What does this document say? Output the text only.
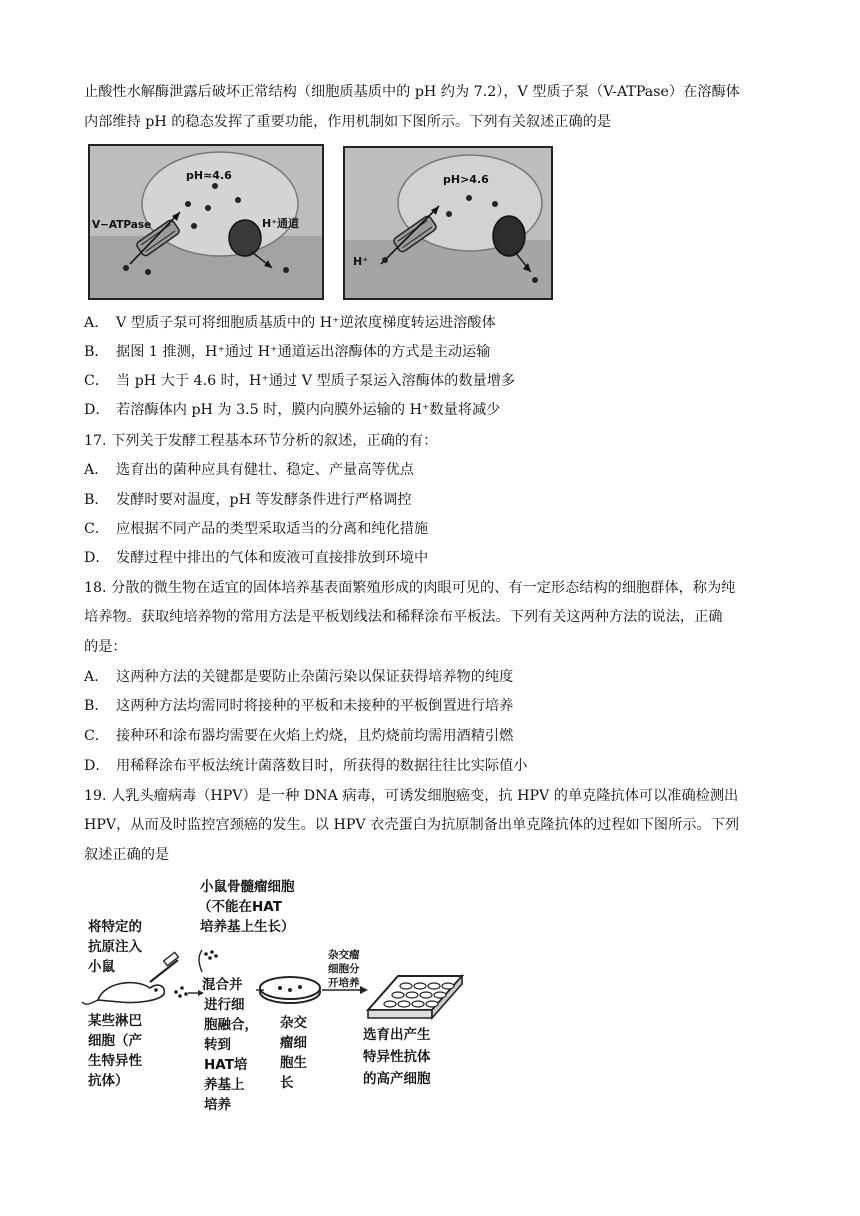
止酸性水解酶泄露后破坏正常结构（细胞质基质中的 pH 约为 7.2），V 型质子泵（V-ATPase）在溶酶体
内部维持 pH 的稳态发挥了重要功能，作用机制如下图所示。下列有关叙述正确的是
pH≈4.6
V−ATPase	H⁺通道
pH>4.6
H⁺
A． V 型质子泵可将细胞质基质中的 H⁺逆浓度梯度转运进溶酸体
B． 据图 1 推测，H⁺通过 H⁺通道运出溶酶体的方式是主动运输
C． 当 pH 大于 4.6 时，H⁺通过 V 型质子泵运入溶酶体的数量增多
D． 若溶酶体内 pH 为 3.5 时，膜内向膜外运输的 H⁺数量将减少
17. 下列关于发酵工程基本环节分析的叙述，正确的有：
A． 选育出的菌种应具有健壮、稳定、产量高等优点
B． 发酵时要对温度，pH 等发酵条件进行严格调控
C． 应根据不同产品的类型采取适当的分离和纯化措施
D． 发酵过程中排出的气体和废液可直接排放到环境中
18. 分散的微生物在适宜的固体培养基表面繁殖形成的肉眼可见的、有一定形态结构的细胞群体，称为纯
培养物。获取纯培养物的常用方法是平板划线法和稀释涂布平板法。下列有关这两种方法的说法，正确
的是：
A． 这两种方法的关键都是要防止杂菌污染以保证获得培养物的纯度
B． 这两种方法均需同时将接种的平板和未接种的平板倒置进行培养
C． 接种环和涂布器均需要在火焰上灼烧，且灼烧前均需用酒精引燃
D． 用稀释涂布平板法统计菌落数目时，所获得的数据往往比实际值小
19. 人乳头瘤病毒（HPV）是一种 DNA 病毒，可诱发细胞癌变，抗 HPV 的单克隆抗体可以准确检测出
HPV，从而及时监控宫颈癌的发生。以 HPV 衣壳蛋白为抗原制备出单克隆抗体的过程如下图所示。下列
叙述正确的是
小鼠骨髓瘤细胞
（不能在HAT
培养基上生长）
将特定的
抗原注入
小鼠
某些淋巴
细胞（产
生特异性
抗体）
混合并
进行细
胞融合，
转到
HAT培
养基上
培养
杂交
瘤细
胞生
长
杂交瘤
细胞分
开培养
选育出产生
特异性抗体
的高产细胞
